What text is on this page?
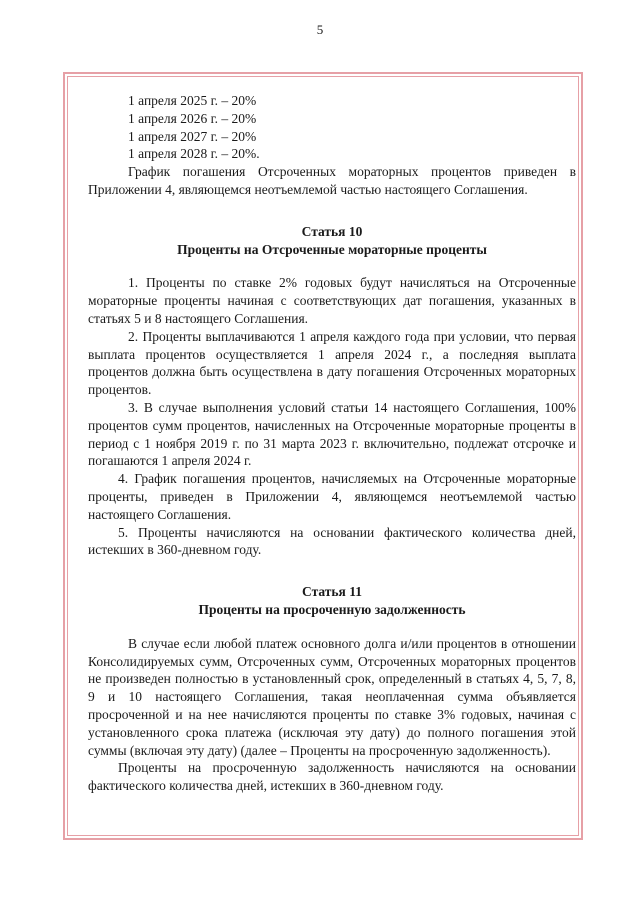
5

1 апреля 2025 г. – 20%

1 апреля 2026 г. – 20%

1 апреля 2027 г. – 20%

1 апреля 2028 г. – 20%.

График погашения Отсроченных мораторных процентов приведен в Приложении 4, являющемся неотъемлемой частью настоящего Соглашения.

Статья 10

Проценты на Отсроченные мораторные проценты

1. Проценты по ставке 2% годовых будут начисляться на Отсроченные мораторные проценты начиная с соответствующих дат погашения, указанных в статьях 5 и 8 настоящего Соглашения.

2. Проценты выплачиваются 1 апреля каждого года при условии, что первая выплата процентов осуществляется 1 апреля 2024 г., а последняя выплата процентов должна быть осуществлена в дату погашения Отсроченных мораторных процентов.

3. В случае выполнения условий статьи 14 настоящего Соглашения, 100% процентов сумм процентов, начисленных на Отсроченные мораторные проценты в период с 1 ноября 2019 г. по 31 марта 2023 г. включительно, подлежат отсрочке и погашаются 1 апреля 2024 г.

4. График погашения процентов, начисляемых на Отсроченные мораторные проценты, приведен в Приложении 4, являющемся неотъемлемой частью настоящего Соглашения.

5. Проценты начисляются на основании фактического количества дней, истекших в 360-дневном году.

Статья 11

Проценты на просроченную задолженность

В случае если любой платеж основного долга и/или процентов в отношении Консолидируемых сумм, Отсроченных сумм, Отсроченных мораторных процентов не произведен полностью в установленный срок, определенный в статьях 4, 5, 7, 8, 9 и 10 настоящего Соглашения, такая неоплаченная сумма объявляется просроченной и на нее начисляются проценты по ставке 3% годовых, начиная с установленного срока платежа (исключая эту дату) до полного погашения этой суммы (включая эту дату) (далее – Проценты на просроченную задолженность).

Проценты на просроченную задолженность начисляются на основании фактического количества дней, истекших в 360-дневном году.
